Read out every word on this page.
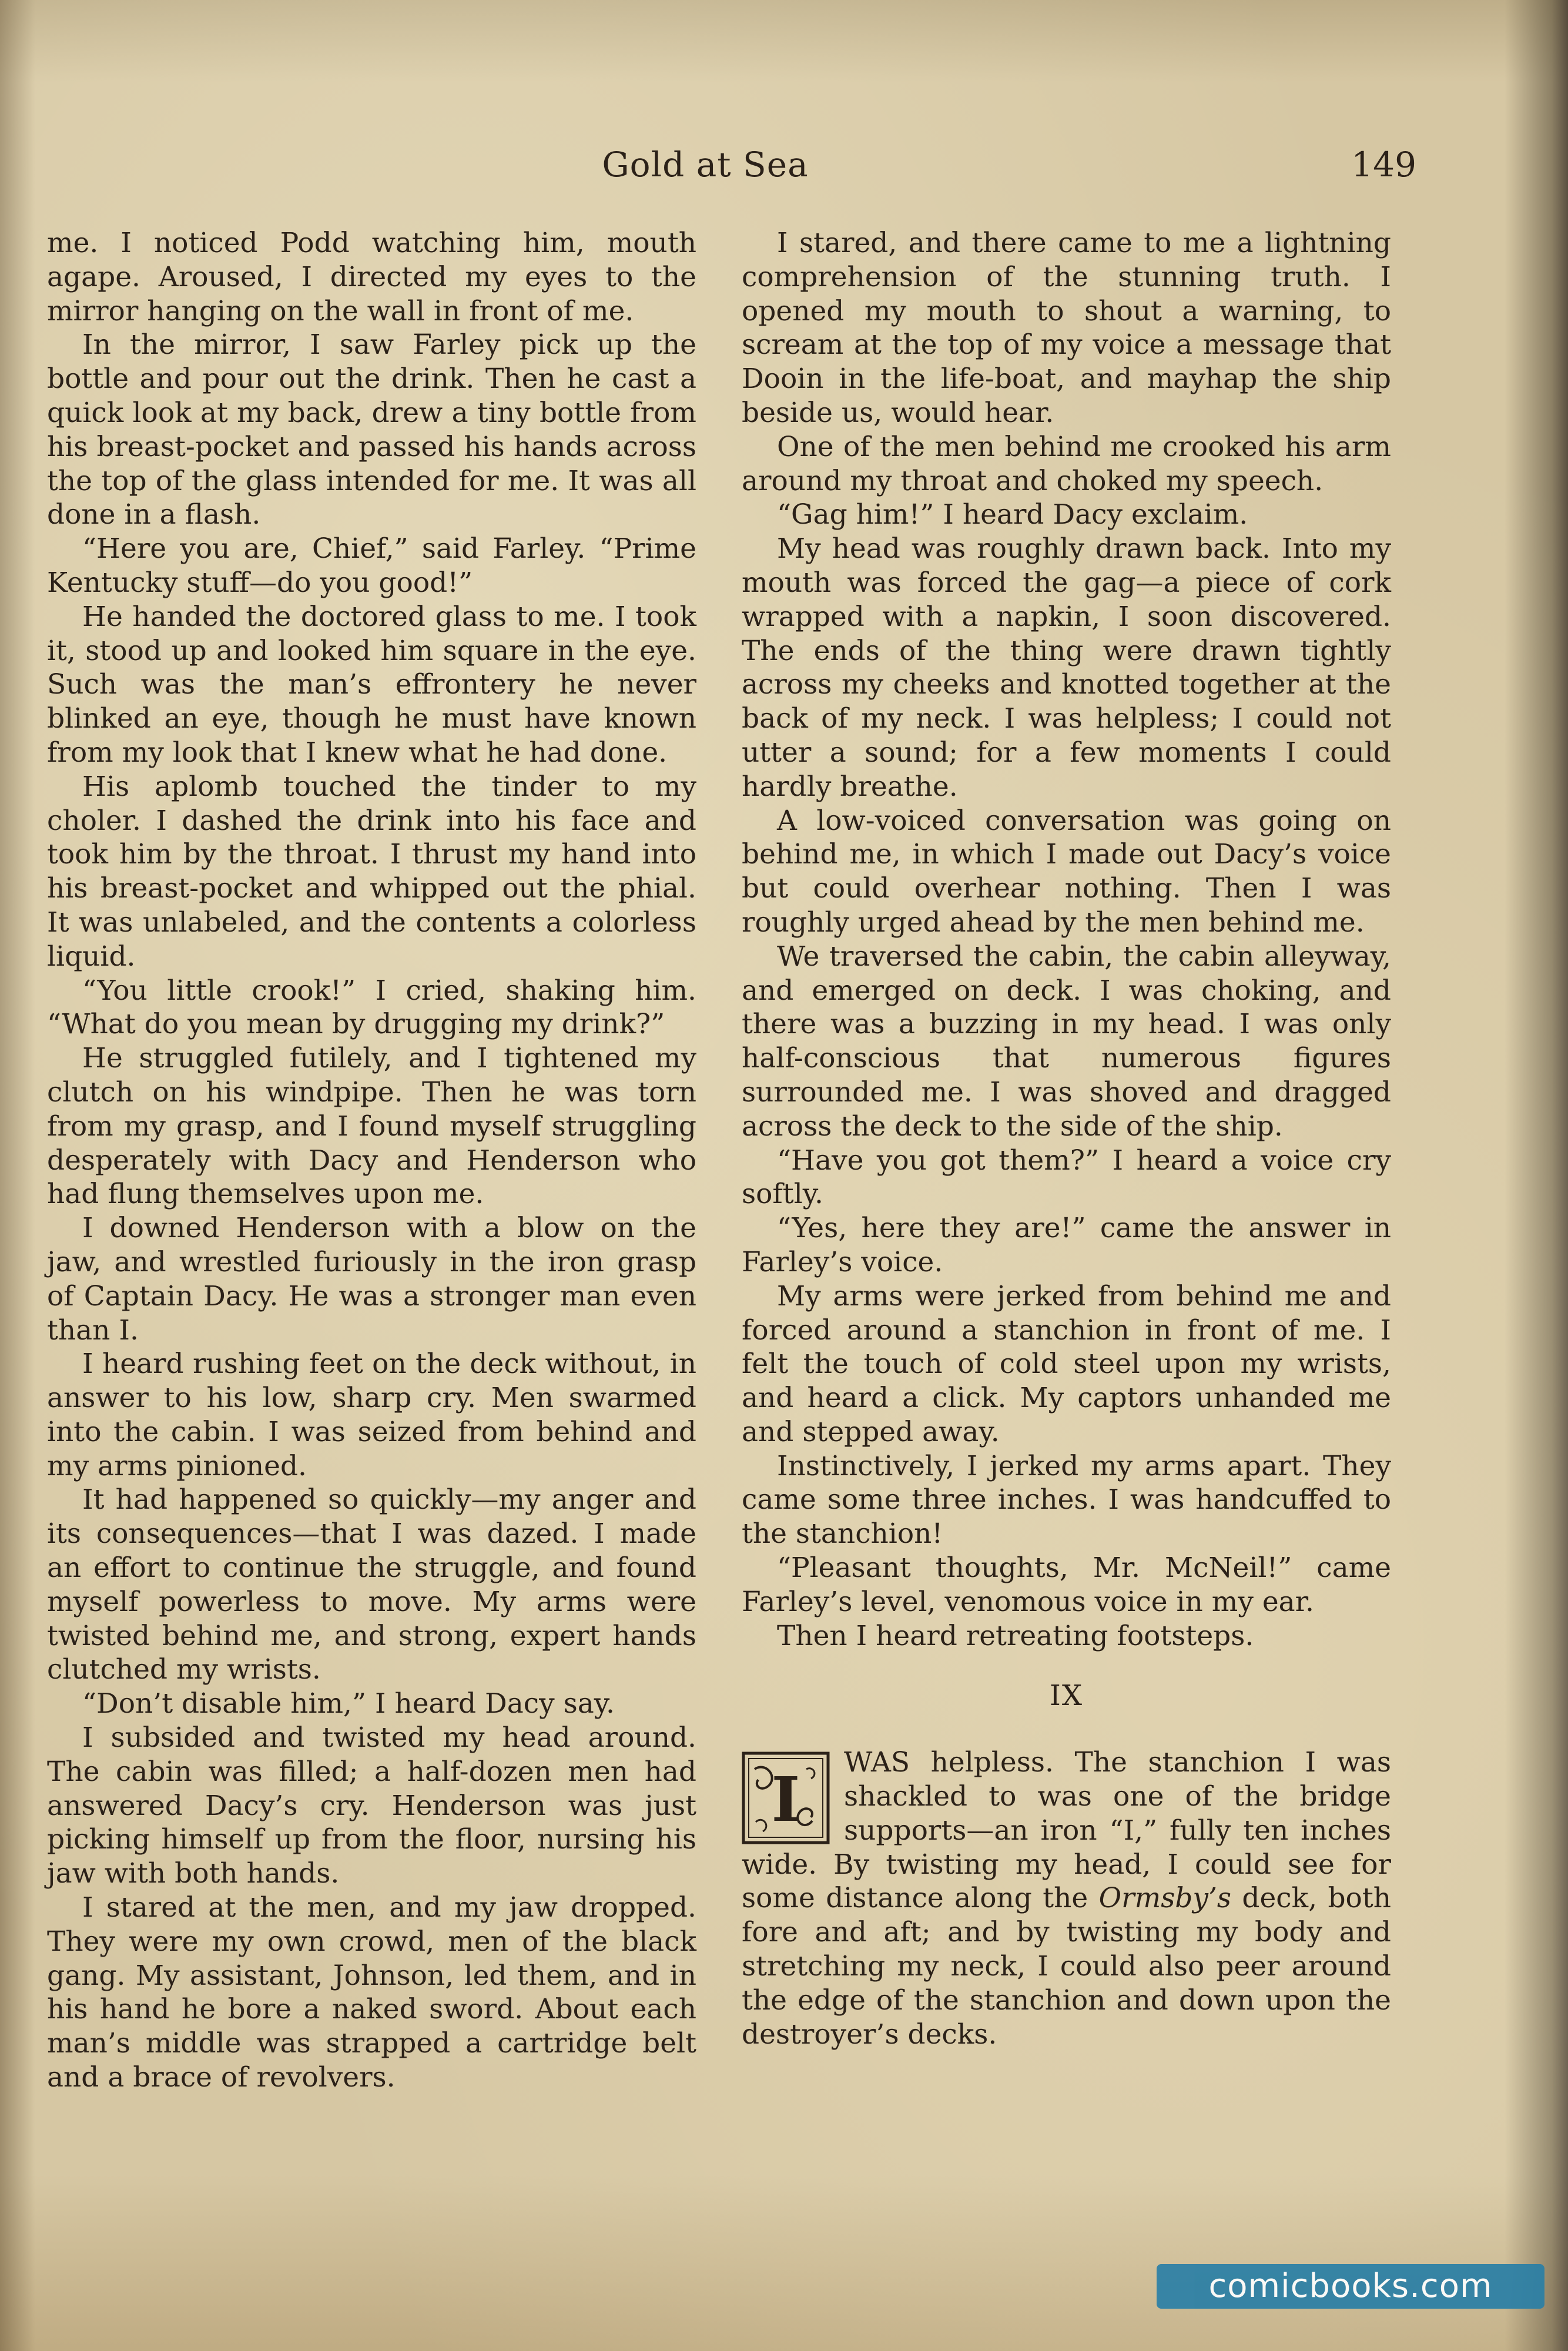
Gold at Sea	149

me. I noticed Podd watching him, mouth agape. Aroused, I directed my eyes to the mirror hanging on the wall in front of me.

In the mirror, I saw Farley pick up the bottle and pour out the drink. Then he cast a quick look at my back, drew a tiny bottle from his breast-pocket and passed his hands across the top of the glass intended for me. It was all done in a flash.

“Here you are, Chief,” said Farley. “Prime Kentucky stuff—do you good!”

He handed the doctored glass to me. I took it, stood up and looked him square in the eye. Such was the man’s effrontery he never blinked an eye, though he must have known from my look that I knew what he had done.

His aplomb touched the tinder to my choler. I dashed the drink into his face and took him by the throat. I thrust my hand into his breast-pocket and whipped out the phial. It was unlabeled, and the contents a colorless liquid.

“You little crook!” I cried, shaking him. “What do you mean by drugging my drink?”

He struggled futilely, and I tightened my clutch on his windpipe. Then he was torn from my grasp, and I found myself struggling desperately with Dacy and Henderson who had flung themselves upon me.

I downed Henderson with a blow on the jaw, and wrestled furiously in the iron grasp of Captain Dacy. He was a stronger man even than I.

I heard rushing feet on the deck without, in answer to his low, sharp cry. Men swarmed into the cabin. I was seized from behind and my arms pinioned.

It had happened so quickly—my anger and its consequences—that I was dazed. I made an effort to continue the struggle, and found myself powerless to move. My arms were twisted behind me, and strong, expert hands clutched my wrists.

“Don’t disable him,” I heard Dacy say.

I subsided and twisted my head around. The cabin was filled; a half-dozen men had answered Dacy’s cry. Henderson was just picking himself up from the floor, nursing his jaw with both hands.

I stared at the men, and my jaw dropped. They were my own crowd, men of the black gang. My assistant, Johnson, led them, and in his hand he bore a naked sword. About each man’s middle was strapped a cartridge belt and a brace of revolvers.

I stared, and there came to me a lightning comprehension of the stunning truth. I opened my mouth to shout a warning, to scream at the top of my voice a message that Dooin in the life-boat, and mayhap the ship beside us, would hear.

One of the men behind me crooked his arm around my throat and choked my speech.

“Gag him!” I heard Dacy exclaim.

My head was roughly drawn back. Into my mouth was forced the gag—a piece of cork wrapped with a napkin, I soon discovered. The ends of the thing were drawn tightly across my cheeks and knotted together at the back of my neck. I was helpless; I could not utter a sound; for a few moments I could hardly breathe.

A low-voiced conversation was going on behind me, in which I made out Dacy’s voice but could overhear nothing. Then I was roughly urged ahead by the men behind me.

We traversed the cabin, the cabin alleyway, and emerged on deck. I was choking, and there was a buzzing in my head. I was only half-conscious that numerous figures surrounded me. I was shoved and dragged across the deck to the side of the ship.

“Have you got them?” I heard a voice cry softly.

“Yes, here they are!” came the answer in Farley’s voice.

My arms were jerked from behind me and forced around a stanchion in front of me. I felt the touch of cold steel upon my wrists, and heard a click. My captors unhanded me and stepped away.

Instinctively, I jerked my arms apart. They came some three inches. I was handcuffed to the stanchion!

“Pleasant thoughts, Mr. McNeil!” came Farley’s level, venomous voice in my ear.

Then I heard retreating footsteps.

IX

I
WAS helpless. The stanchion I was shackled to was one of the bridge supports—an iron “I,” fully ten inches wide. By twisting my head, I could see for some distance along the Ormsby’s deck, both fore and aft; and by twisting my body and stretching my neck, I could also peer around the edge of the stanchion and down upon the destroyer’s decks.

comicbooks.com
